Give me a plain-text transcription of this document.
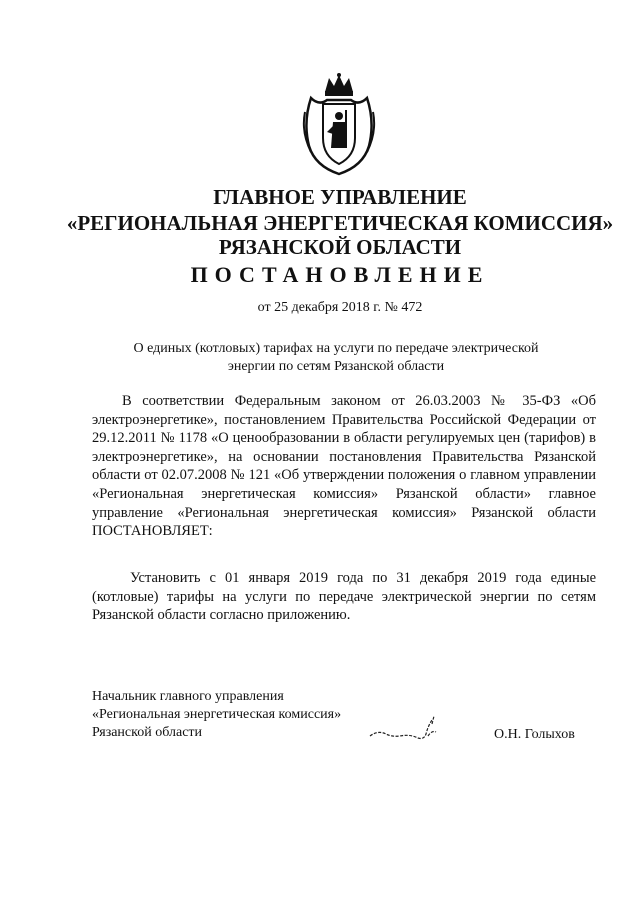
ГЛАВНОЕ УПРАВЛЕНИЕ
«РЕГИОНАЛЬНАЯ ЭНЕРГЕТИЧЕСКАЯ КОМИССИЯ»
РЯЗАНСКОЙ ОБЛАСТИ
ПОСТАНОВЛЕНИЕ
от 25 декабря 2018 г. № 472
О единых (котловых) тарифах на услуги по передаче электрической
энергии по сетям Рязанской области

В соответствии Федеральным законом от 26.03.2003 № 35-ФЗ «Об электроэнергетике», постановлением Правительства Российской Федерации от 29.12.2011 № 1178 «О ценообразовании в области регулируемых цен (тарифов) в электроэнергетике», на основании постановления Правительства Рязанской области от 02.07.2008 № 121 «Об утверждении положения о главном управлении «Региональная энергетическая комиссия» Рязанской области» главное управление «Региональная энергетическая комиссия» Рязанской области ПОСТАНОВЛЯЕТ:

Установить с 01 января 2019 года по 31 декабря 2019 года единые (котловые) тарифы на услуги по передаче электрической энергии по сетям Рязанской области согласно приложению.

Начальник главного управления
«Региональная энергетическая комиссия»
Рязанской области	О.Н. Голыхов
